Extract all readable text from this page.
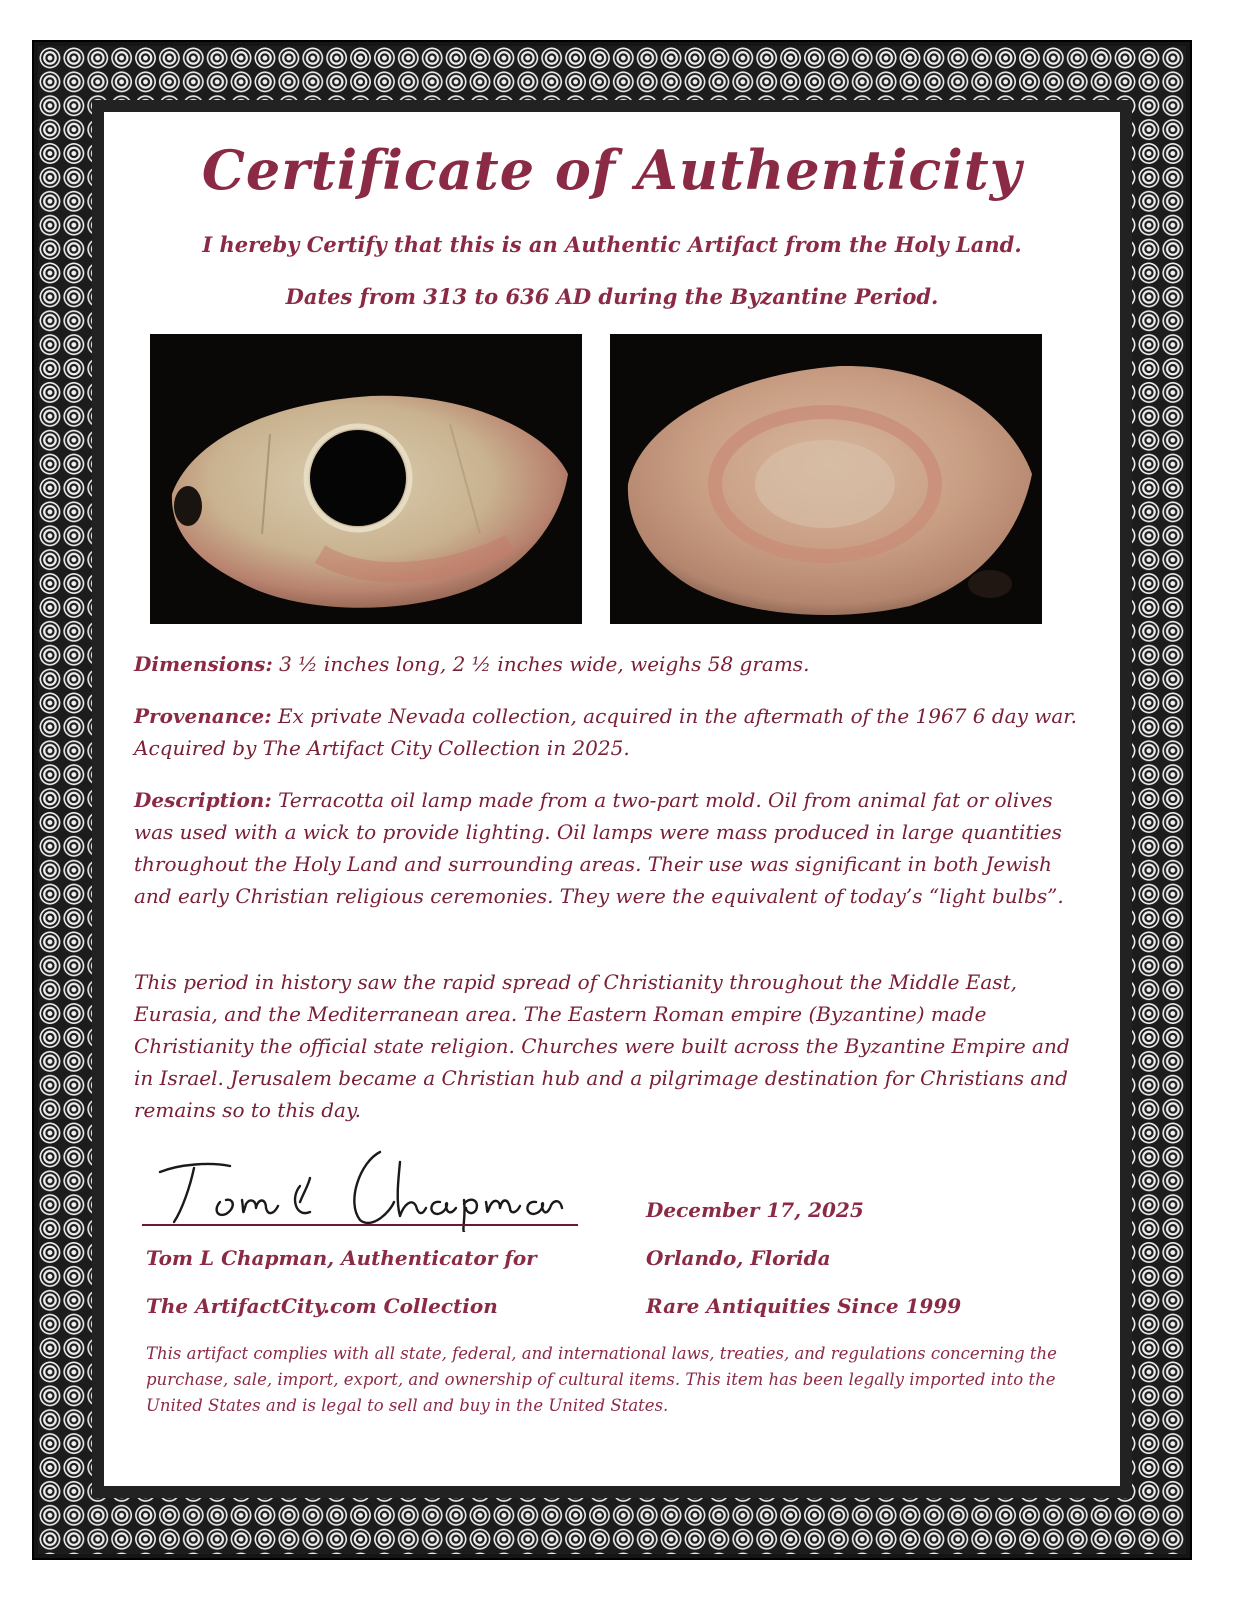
Certificate of Authenticity
I hereby Certify that this is an Authentic Artifact from the Holy Land.
Dates from 313 to 636 AD during the Byzantine Period.
Dimensions: 3 ½ inches long, 2 ½ inches wide, weighs 58 grams.
Provenance: Ex private Nevada collection, acquired in the aftermath of the 1967 6 day war. Acquired by The Artifact City Collection in 2025.
Description: Terracotta oil lamp made from a two-part mold. Oil from animal fat or olives was used with a wick to provide lighting. Oil lamps were mass produced in large quantities throughout the Holy Land and surrounding areas. Their use was significant in both Jewish and early Christian religious ceremonies. They were the equivalent of today’s “light bulbs”.
This period in history saw the rapid spread of Christianity throughout the Middle East, Eurasia, and the Mediterranean area. The Eastern Roman empire (Byzantine) made Christianity the official state religion. Churches were built across the Byzantine Empire and in Israel. Jerusalem became a Christian hub and a pilgrimage destination for Christians and remains so to this day.
Tom L Chapman, Authenticator for
The ArtifactCity.com Collection
December 17, 2025
Orlando, Florida
Rare Antiquities Since 1999
This artifact complies with all state, federal, and international laws, treaties, and regulations concerning the purchase, sale, import, export, and ownership of cultural items. This item has been legally imported into the United States and is legal to sell and buy in the United States.
